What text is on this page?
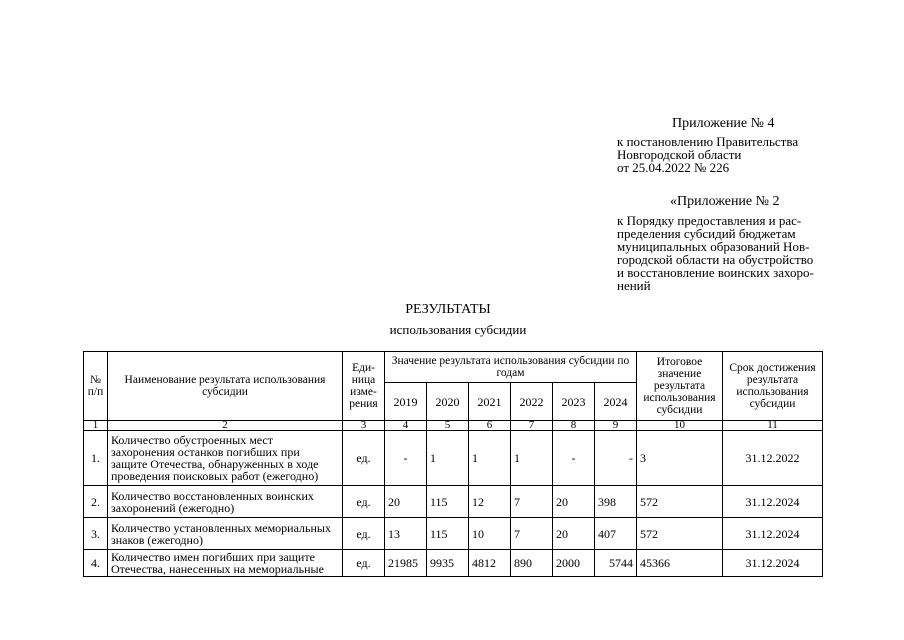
Приложение № 4
к постановлению Правительства
Новгородской области
от 25.04.2022 № 226
«Приложение № 2
к Порядку предоставления и рас-
пределения субсидий бюджетам
муниципальных образований Нов-
городской области на обустройство
и восстановление воинских захоро-
нений
РЕЗУЛЬТАТЫ
использования субсидии
№ п/п	Наименование результата использования субсидии	Еди-ница изме-рения	Значение результата использования субсидии по годам						Итоговое значение результата использования субсидии	Срок достижения результата использования субсидии
			2019	2020	2021	2022	2023	2024		
1	2	3	4	5	6	7	8	9	10	11
1.	Количество обустроенных мест захоронения останков погибших при защите Отечества, обнаруженных в ходе проведения поисковых работ (ежегодно)	ед.	-	1	1	1	-	-	3	31.12.2022
2.	Количество восстановленных воинских захоронений (ежегодно)	ед.	20	115	12	7	20	398	572	31.12.2024
3.	Количество установленных мемориальных знаков (ежегодно)	ед.	13	115	10	7	20	407	572	31.12.2024
4.	Количество имен погибших при защите Отечества, нанесенных на мемориальные	ед.	21985	9935	4812	890	2000	5744	45366	31.12.2024
